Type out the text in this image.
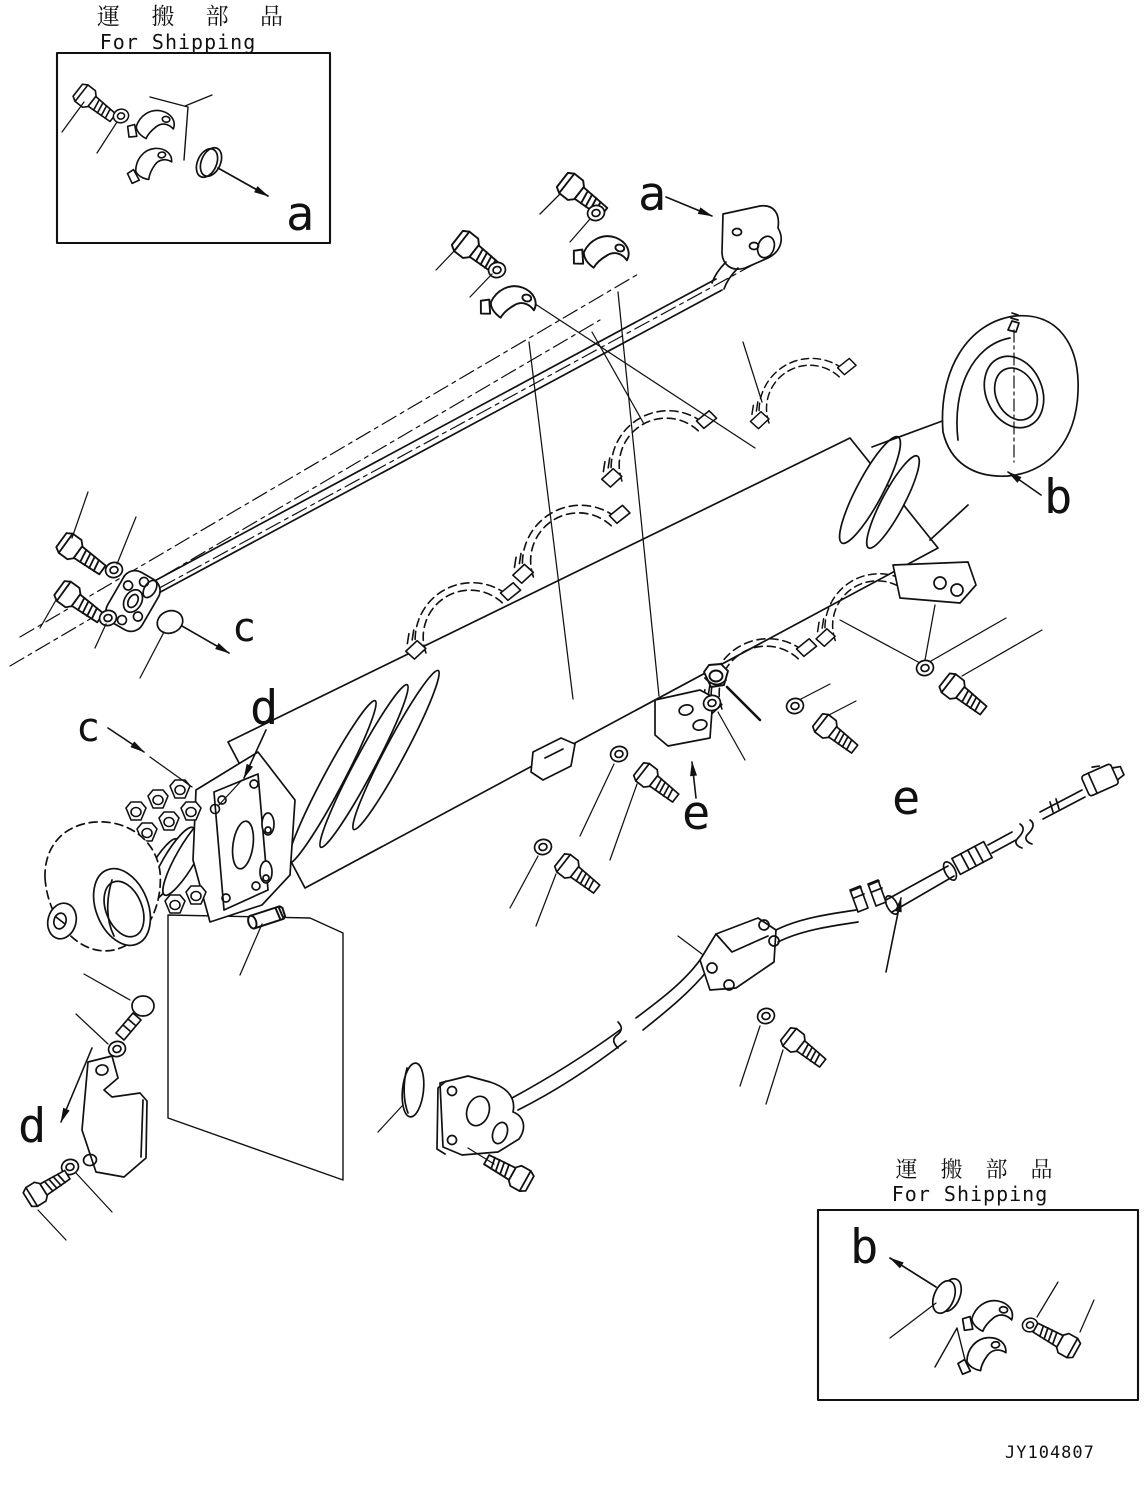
運 搬 部 品
For Shipping
運 搬 部 品
For Shipping
a	a
b
b
c
c	d
d
e	e
JY104807
